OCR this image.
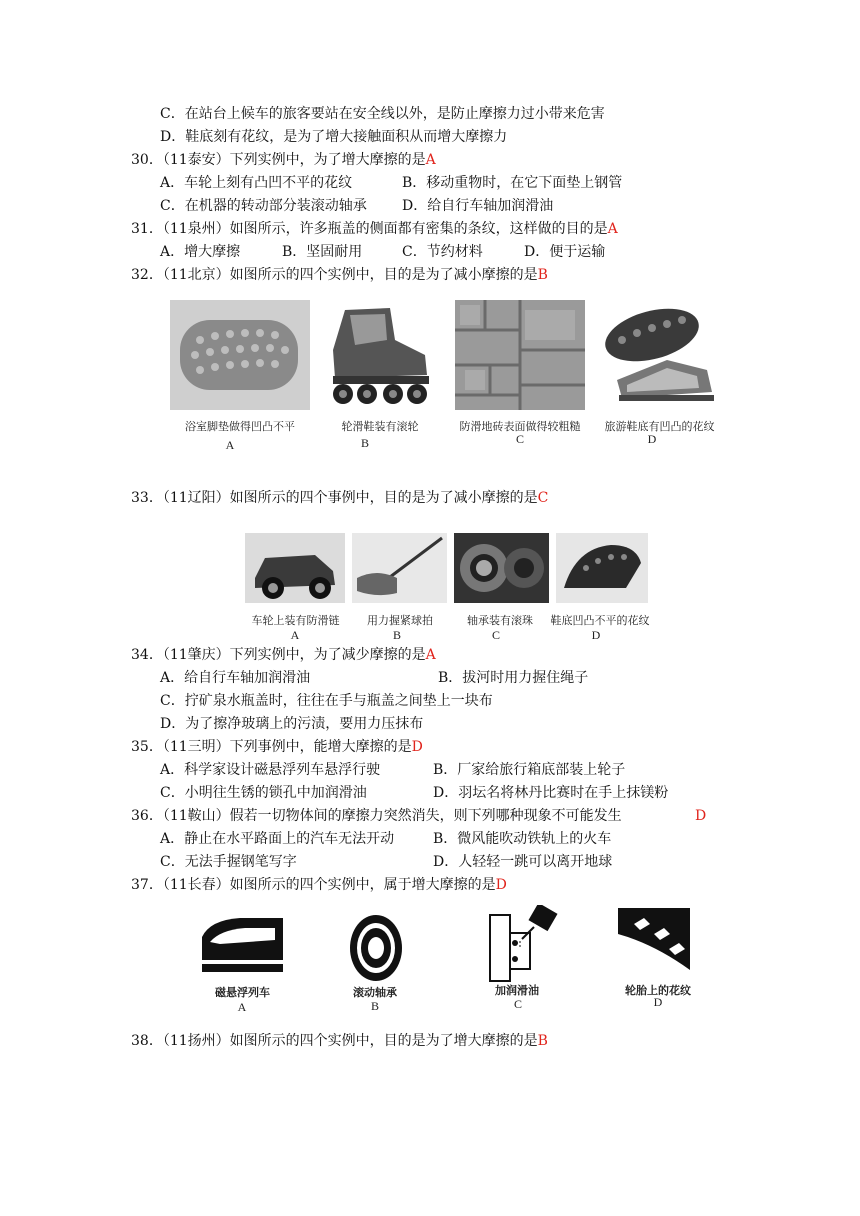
C．在站台上候车的旅客要站在安全线以外，是防止摩擦力过小带来危害
D．鞋底刻有花纹，是为了增大接触面积从而增大摩擦力
30．（11泰安）下列实例中，为了增大摩擦的是A
A．车轮上刻有凸凹不平的花纹	B．移动重物时，在它下面垫上钢管
C．在机器的转动部分装滚动轴承	D．给自行车轴加润滑油
31．（11泉州）如图所示，许多瓶盖的侧面都有密集的条纹，这样做的目的是A
A．增大摩擦	B．坚固耐用	C．节约材料	D．便于运输
32．（11北京）如图所示的四个实例中，目的是为了减小摩擦的是B
浴室脚垫做得凹凸不平	轮滑鞋装有滚轮	防滑地砖表面做得较粗糙	旅游鞋底有凹凸的花纹
A	B	C	D
33．（11辽阳）如图所示的四个事例中，目的是为了减小摩擦的是C
车轮上装有防滑链	用力握紧球拍	轴承装有滚珠	鞋底凹凸不平的花纹
A	B	C	D
34．（11肇庆）下列实例中，为了减少摩擦的是A
A．给自行车轴加润滑油	B．拔河时用力握住绳子
C．拧矿泉水瓶盖时，往往在手与瓶盖之间垫上一块布
D．为了擦净玻璃上的污渍，要用力压抹布
35．（11三明）下列事例中，能增大摩擦的是D
A．科学家设计磁悬浮列车悬浮行驶	B．厂家给旅行箱底部装上轮子
C．小明往生锈的锁孔中加润滑油	D．羽坛名将林丹比赛时在手上抹镁粉
36．（11鞍山）假若一切物体间的摩擦力突然消失，则下列哪种现象不可能发生	D
A．静止在水平路面上的汽车无法开动	B．微风能吹动铁轨上的火车
C．无法手握钢笔写字	D．人轻轻一跳可以离开地球
37．（11长春）如图所示的四个实例中，属于增大摩擦的是D
磁悬浮列车	滚动轴承	加润滑油	轮胎上的花纹
A	B	C	D
38．（11扬州）如图所示的四个实例中，目的是为了增大摩擦的是B
